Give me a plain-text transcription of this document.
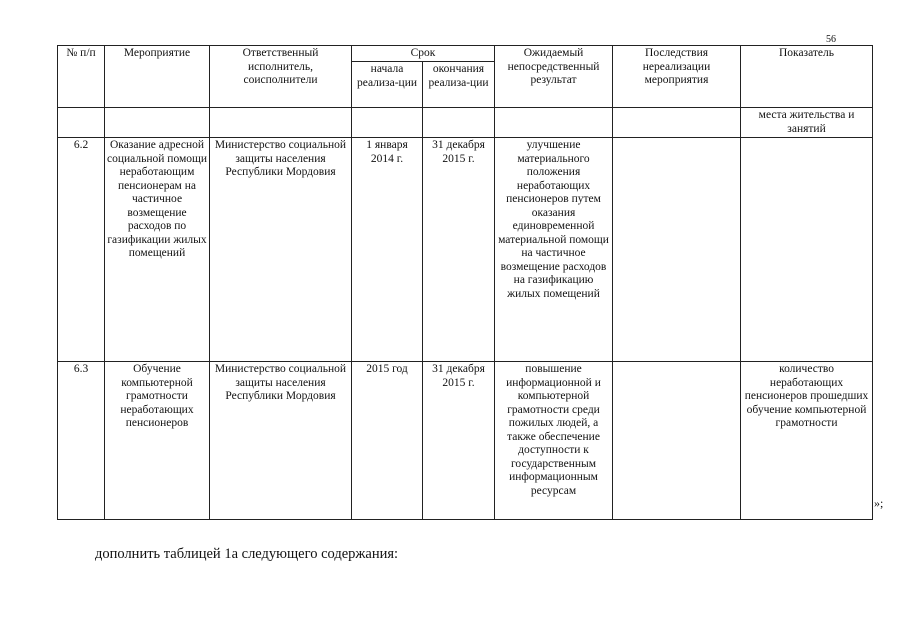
56
№ п/п	Мероприятие	Ответственный исполнитель, соисполнители	Срок		Ожидаемый непосредственный результат	Последствия нереализации мероприятия	Показатель
			начала реализа-ции	окончания реализа-ции			
							места жительства и занятий
6.2	Оказание адресной социальной помощи неработающим пенсионерам на частичное возмещение расходов по газификации жилых помещений	Министерство социальной защиты населения Республики Мордовия	1 января 2014 г.	31 декабря 2015 г.	улучшение материального положения неработающих пенсионеров путем оказания единовременной материальной помощи на частичное возмещение расходов на газификацию жилых помещений		
6.3	Обучение компьютерной грамотности неработающих пенсионеров	Министерство социальной защиты населения Республики Мордовия	2015 год	31 декабря 2015 г.	повышение информационной и компьютерной грамотности среди пожилых людей, а также обеспечение доступности к государственным информационным ресурсам		количество неработающих пенсионеров прошедших обучение компьютерной грамотности
»;
дополнить таблицей 1а следующего содержания:
